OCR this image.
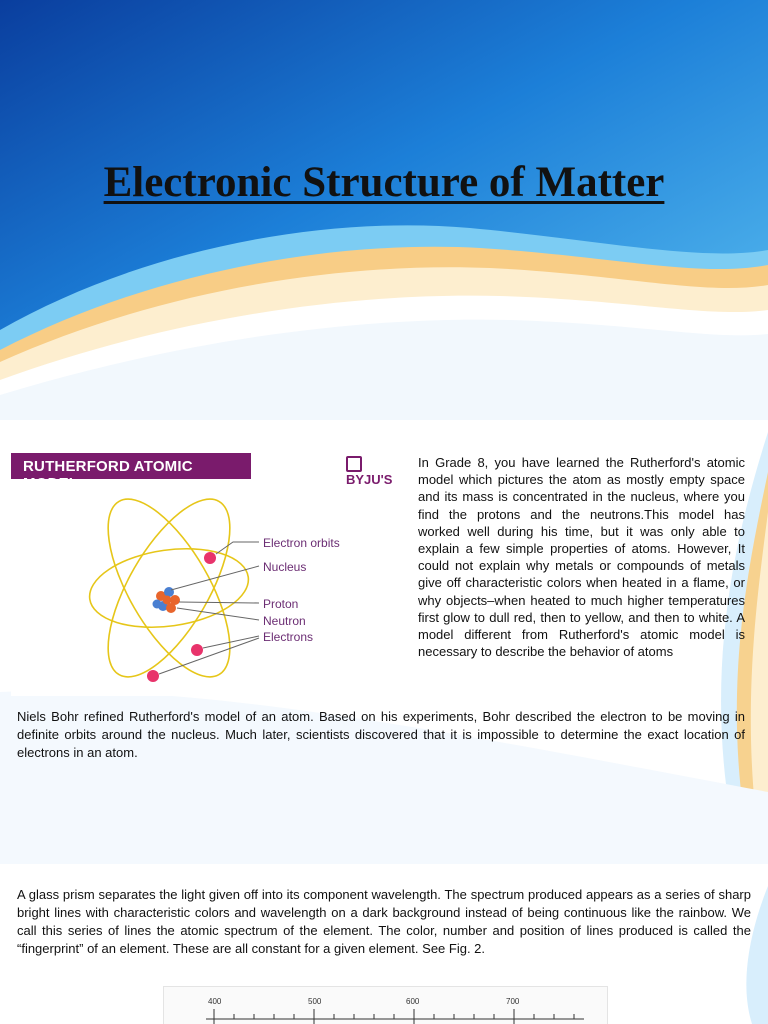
Electronic Structure of Matter
RUTHERFORD ATOMIC MODEL	BYJU'S
Electron orbits
Nucleus
Proton
Neutron
Electrons

In Grade 8, you have learned the Rutherford's atomic model which pictures the atom as mostly empty space and its mass is concentrated in the nucleus, where you find the protons and the neutrons.This model has worked well during his time, but it was only able to explain a few simple properties of atoms. However, It could not explain why metals or compounds of metals give off characteristic colors when heated in a flame, or why objects–when heated to much higher temperatures first glow to dull red, then to yellow, and then to white. A model different from Rutherford's atomic model is necessary to describe the behavior of atoms

Niels Bohr refined Rutherford's model of an atom. Based on his experiments, Bohr described the electron to be moving in definite orbits around the nucleus. Much later, scientists discovered that it is impossible to determine the exact location of electrons in an atom.

A glass prism separates the light given off into its component wavelength. The spectrum produced appears as a series of sharp bright lines with characteristic colors and wavelength on a dark background instead of being continuous like the rainbow. We call this series of lines the atomic spectrum of the element. The color, number and position of lines produced is called the “fingerprint” of an element. These are all constant for a given element. See Fig. 2.

400	500	600	700
